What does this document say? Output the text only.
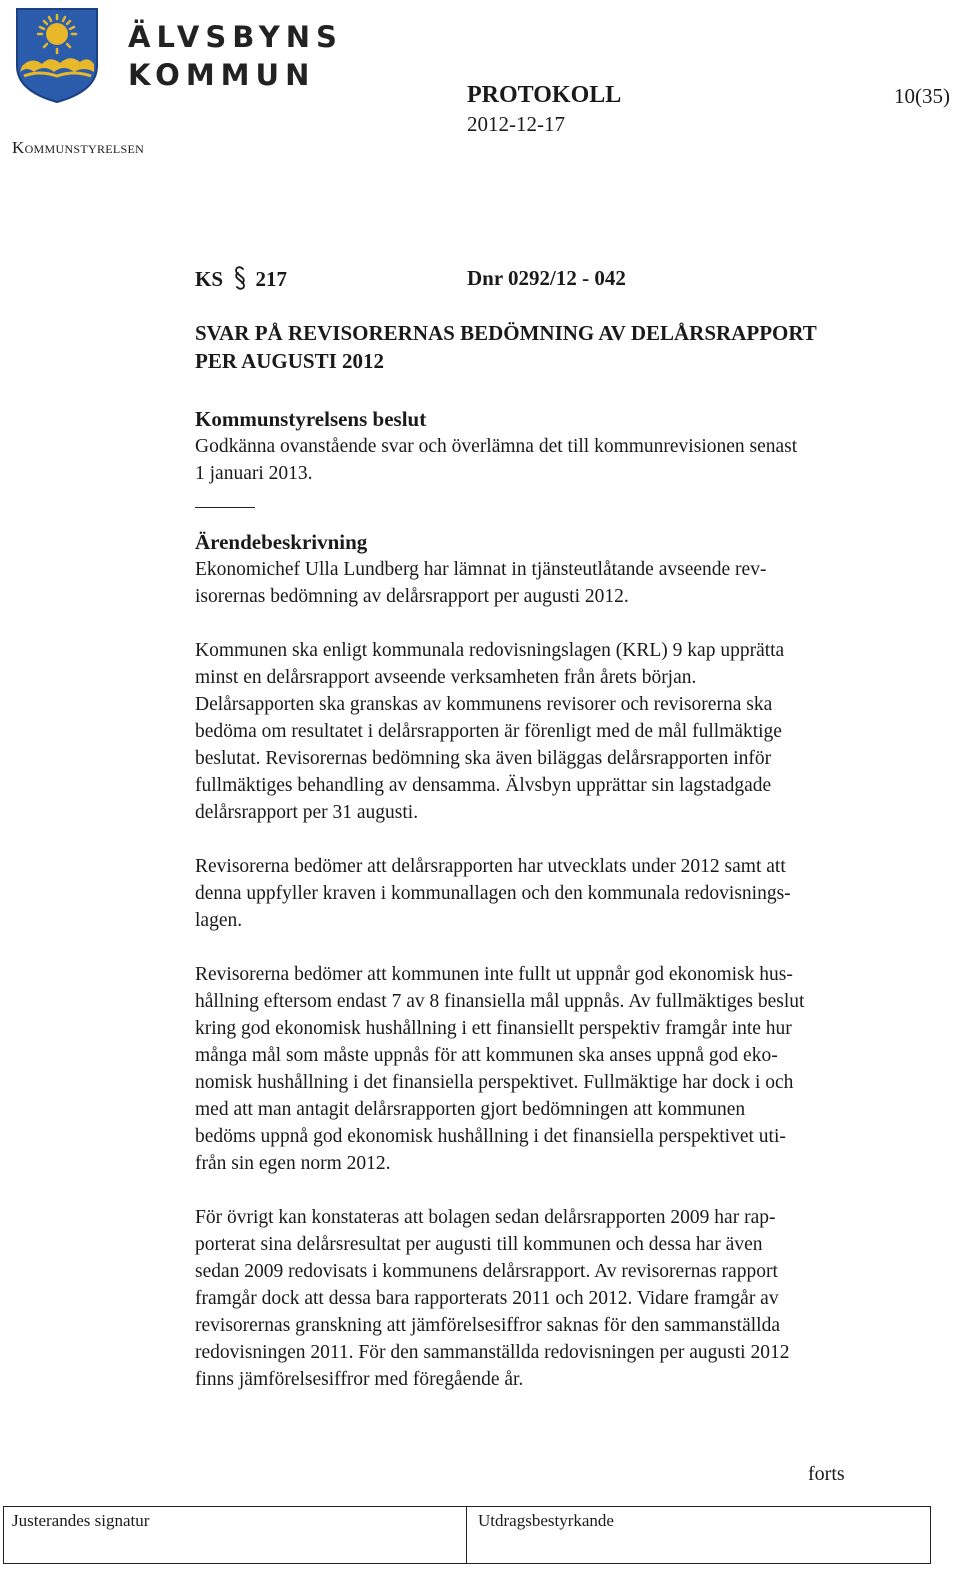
ÄLVSBYNS
KOMMUN
Kommunstyrelsen
PROTOKOLL	10(35)
2012-12-17
KS 217	Dnr 0292/12 - 042
SVAR PÅ REVISORERNAS BEDÖMNING AV DELÅRSRAPPORT
PER AUGUSTI 2012
Kommunstyrelsens beslut

Godkänna ovanstående svar och överlämna det till kommunrevisionen senast
1 januari 2013.

Ärendebeskrivning

Ekonomichef Ulla Lundberg har lämnat in tjänsteutlåtande avseende rev-
isorernas bedömning av delårsrapport per augusti 2012.

Kommunen ska enligt kommunala redovisningslagen (KRL) 9 kap upprätta
minst en delårsrapport avseende verksamheten från årets början.
Delårsapporten ska granskas av kommunens revisorer och revisorerna ska
bedöma om resultatet i delårsrapporten är förenligt med de mål fullmäktige
beslutat. Revisorernas bedömning ska även biläggas delårsrapporten inför
fullmäktiges behandling av densamma. Älvsbyn upprättar sin lagstadgade
delårsrapport per 31 augusti.

Revisorerna bedömer att delårsrapporten har utvecklats under 2012 samt att
denna uppfyller kraven i kommunallagen och den kommunala redovisnings-
lagen.

Revisorerna bedömer att kommunen inte fullt ut uppnår god ekonomisk hus-
hållning eftersom endast 7 av 8 finansiella mål uppnås. Av fullmäktiges beslut
kring god ekonomisk hushållning i ett finansiellt perspektiv framgår inte hur
många mål som måste uppnås för att kommunen ska anses uppnå god eko-
nomisk hushållning i det finansiella perspektivet. Fullmäktige har dock i och
med att man antagit delårsrapporten gjort bedömningen att kommunen
bedöms uppnå god ekonomisk hushållning i det finansiella perspektivet uti-
från sin egen norm 2012.

För övrigt kan konstateras att bolagen sedan delårsrapporten 2009 har rap-
porterat sina delårsresultat per augusti till kommunen och dessa har även
sedan 2009 redovisats i kommunens delårsrapport. Av revisorernas rapport
framgår dock att dessa bara rapporterats 2011 och 2012. Vidare framgår av
revisorernas granskning att jämförelsesiffror saknas för den sammanställda
redovisningen 2011. För den sammanställda redovisningen per augusti 2012
finns jämförelsesiffror med föregående år.

forts
Justerandes signatur	Utdragsbestyrkande
